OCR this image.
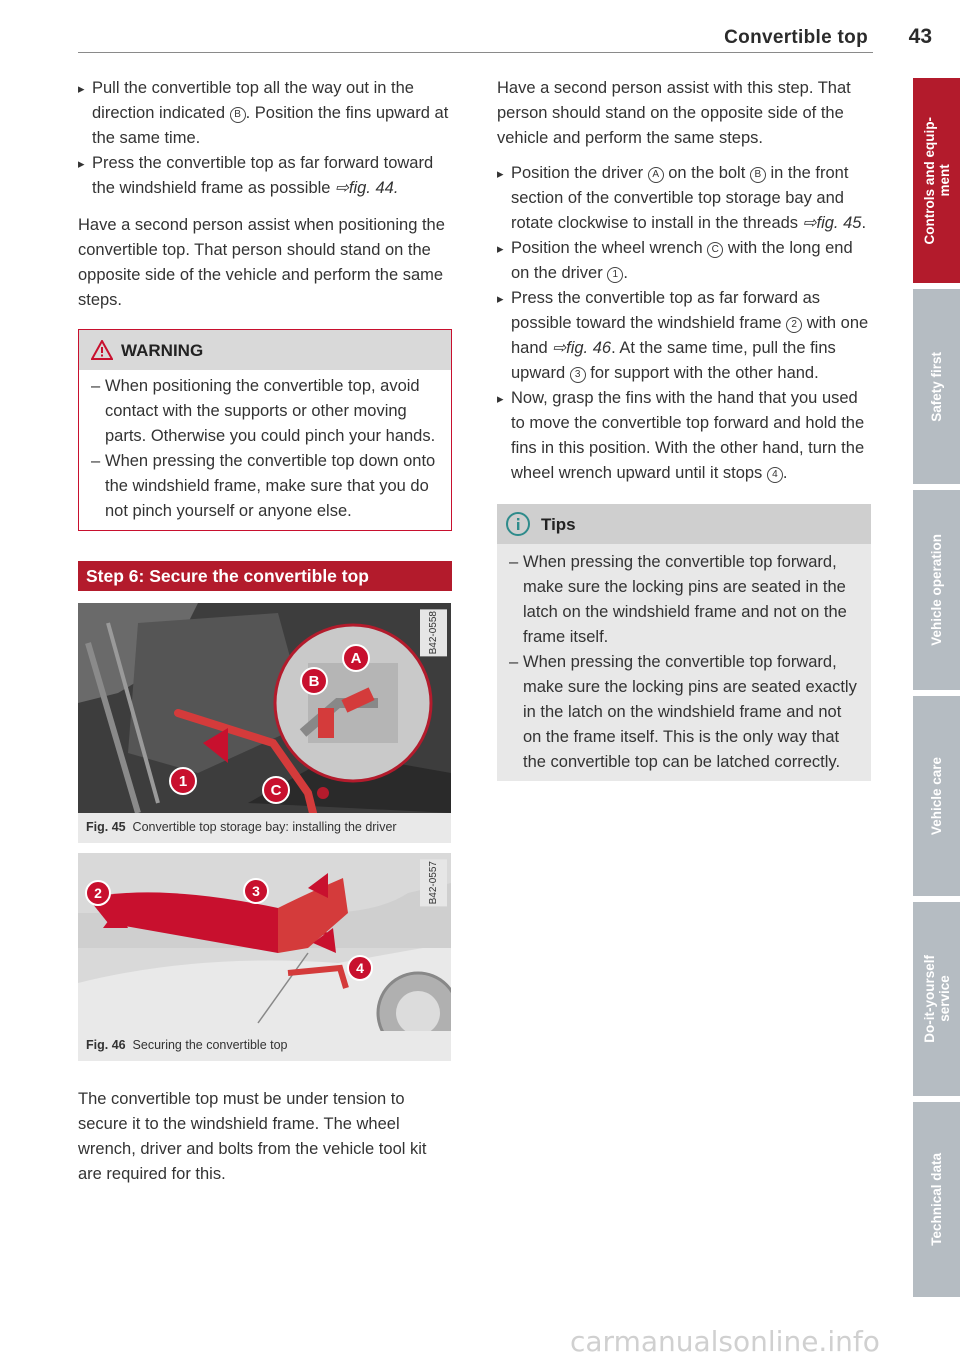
Convertible top 43
▸ Pull the convertible top all the way out in the direction indicated B . Position the fins upward at the same time.
▸ Press the convertible top as far forward toward the windshield frame as possible ⇨fig. 44.

Have a second person assist when positioning the convertible top. That person should stand on the opposite side of the vehicle and perform the same steps.

WARNING
– When positioning the convertible top, avoid contact with the supports or other moving parts. Otherwise you could pinch your hands.
– When pressing the convertible top down onto the windshield frame, make sure that you do not pinch yourself or anyone else.
Step 6: Secure the convertible top
A
B
1
C
B42-0558
Fig. 45 Convertible top storage bay: installing the driver
2	3
4
B42-0557
Fig. 46 Securing the convertible top

The convertible top must be under tension to secure it to the windshield frame. The wheel wrench, driver and bolts from the vehicle tool kit are required for this.

Have a second person assist with this step. That person should stand on the opposite side of the vehicle and perform the same steps.

▸ Position the driver A on the bolt B in the front section of the convertible top storage bay and rotate clockwise to install in the threads ⇨fig. 45.
▸ Position the wheel wrench C with the long end on the driver 1 .
▸ Press the convertible top as far forward as possible toward the windshield frame 2 with one hand ⇨fig. 46. At the same time, pull the fins upward 3 for support with the other hand.
▸ Now, grasp the fins with the hand that you used to move the convertible top forward and hold the fins in this position. With the other hand, turn the wheel wrench upward until it stops 4 .
Tips
– When pressing the convertible top forward, make sure the locking pins are seated in the latch on the windshield frame and not on the frame itself.
– When pressing the convertible top forward, make sure the locking pins are seated exactly in the latch on the windshield frame and not on the frame itself. This is the only way that the convertible top can be latched correctly.
Controls and equip-
ment
Safety first
Vehicle operation
Vehicle care
Do-it-yourself
service
Technical data
carmanualsonline.info
